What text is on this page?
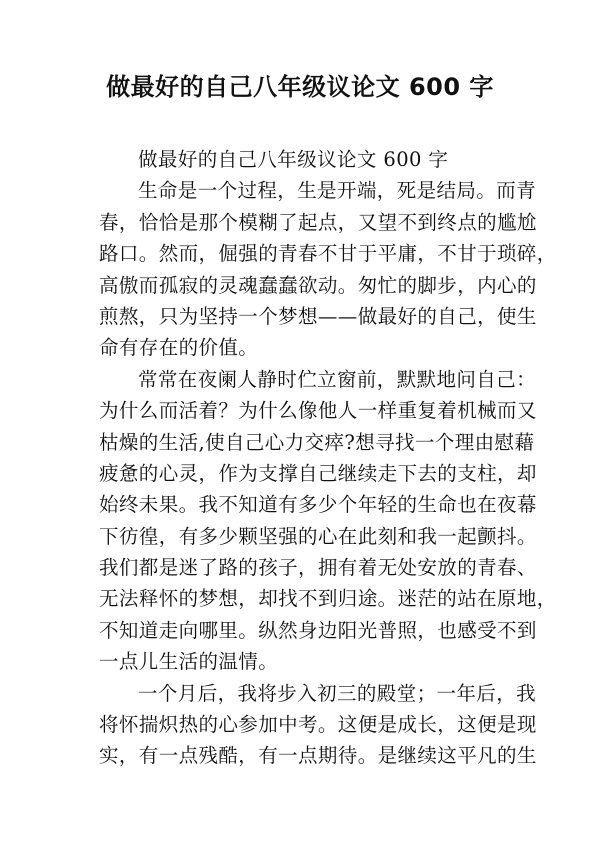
做最好的自己八年级议论文 600 字
做最好的自己八年级议论文 600 字
生命是一个过程，生是开端，死是结局。而青
春，恰恰是那个模糊了起点，又望不到终点的尴尬
路口。然而，倔强的青春不甘于平庸，不甘于琐碎，
高傲而孤寂的灵魂蠢蠢欲动。匆忙的脚步，内心的
煎熬，只为坚持一个梦想——做最好的自己，使生
命有存在的价值。
常常在夜阑人静时伫立窗前，默默地问自己：
为什么而活着？为什么像他人一样重复着机械而又
枯燥的生活,使自己心力交瘁?想寻找一个理由慰藉
疲惫的心灵，作为支撑自己继续走下去的支柱，却
始终未果。我不知道有多少个年轻的生命也在夜幕
下彷徨，有多少颗坚强的心在此刻和我一起颤抖。
我们都是迷了路的孩子，拥有着无处安放的青春、
无法释怀的梦想，却找不到归途。迷茫的站在原地，
不知道走向哪里。纵然身边阳光普照，也感受不到
一点儿生活的温情。
一个月后，我将步入初三的殿堂；一年后，我
将怀揣炽热的心参加中考。这便是成长，这便是现
实，有一点残酷，有一点期待。是继续这平凡的生
